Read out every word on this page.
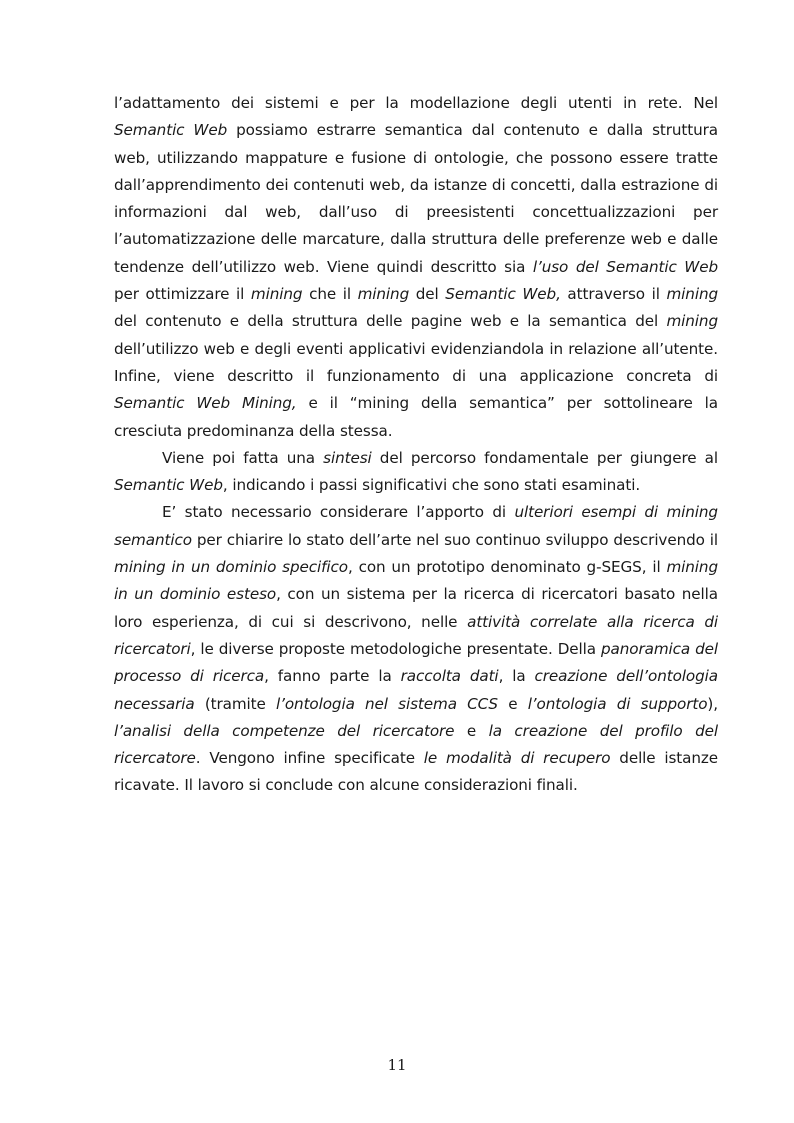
l’adattamento dei sistemi e per la modellazione degli utenti in rete. Nel Semantic Web possiamo estrarre semantica dal contenuto e dalla struttura web, utilizzando mappature e fusione di ontologie, che possono essere tratte dall’apprendimento dei contenuti web, da istanze di concetti, dalla estrazione di informazioni dal web, dall’uso di preesistenti concettualizzazioni per l’automatizzazione delle marcature, dalla struttura delle preferenze web e dalle tendenze dell’utilizzo web. Viene quindi descritto sia l’uso del Semantic Web per ottimizzare il mining che il mining del Semantic Web, attraverso il mining del contenuto e della struttura delle pagine web e la semantica del mining dell’utilizzo web e degli eventi applicativi evidenziandola in relazione all’utente. Infine, viene descritto il funzionamento di una applicazione concreta di Semantic Web Mining, e il “mining della semantica” per sottolineare la cresciuta predominanza della stessa.

Viene poi fatta una sintesi del percorso fondamentale per giungere al Semantic Web, indicando i passi significativi che sono stati esaminati.

E’ stato necessario considerare l’apporto di ulteriori esempi di mining semantico per chiarire lo stato dell’arte nel suo continuo sviluppo descrivendo il mining in un dominio specifico, con un prototipo denominato g-SEGS, il mining in un dominio esteso, con un sistema per la ricerca di ricercatori basato nella loro esperienza, di cui si descrivono, nelle attività correlate alla ricerca di ricercatori, le diverse proposte metodologiche presentate. Della panoramica del processo di ricerca, fanno parte la raccolta dati, la creazione dell’ontologia necessaria (tramite l’ontologia nel sistema CCS e l’ontologia di supporto), l’analisi della competenze del ricercatore e la creazione del profilo del ricercatore. Vengono infine specificate le modalità di recupero delle istanze ricavate. Il lavoro si conclude con alcune considerazioni finali.

11
